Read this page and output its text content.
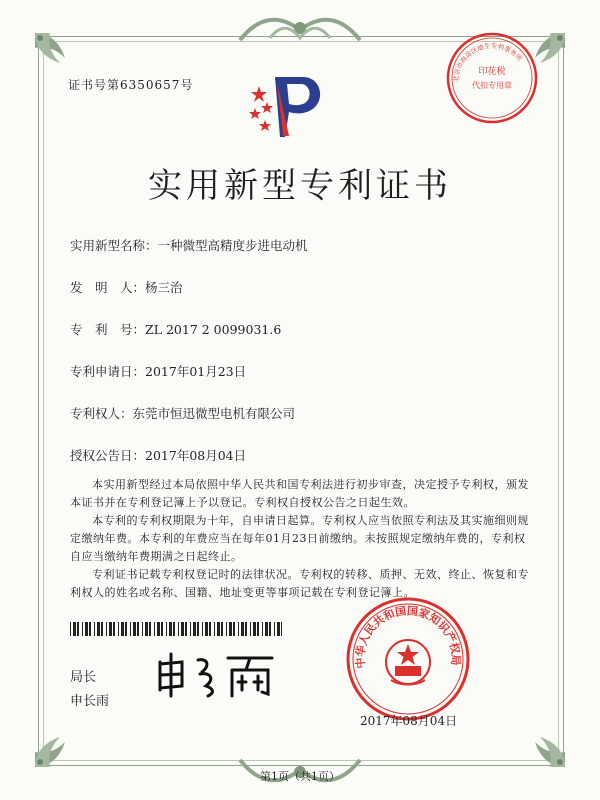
证书号第6350657号
印花税
代扣专用章
北京市海淀区迪生专利事务所
实用新型专利证书
实用新型名称：一种微型高精度步进电动机
发　明　人：杨三治
专　利　号：ZL 2017 2 0099031.6
专利申请日：2017年01月23日
专利权人：东莞市恒迅微型电机有限公司
授权公告日：2017年08月04日

本实用新型经过本局依照中华人民共和国专利法进行初步审查，决定授予专利权，颁发本证书并在专利登记簿上予以登记。专利权自授权公告之日起生效。

本专利的专利权期限为十年，自申请日起算。专利权人应当依照专利法及其实施细则规定缴纳年费。本专利的年费应当在每年01月23日前缴纳。未按照规定缴纳年费的，专利权自应当缴纳年费期满之日起终止。

专利证书记载专利权登记时的法律状况。专利权的转移、质押、无效、终止、恢复和专利权人的姓名或名称、国籍、地址变更等事项记载在专利登记簿上。

局长
申长雨
中华人民共和国国家知识产权局
2017年08月04日
第1页（共1页）
